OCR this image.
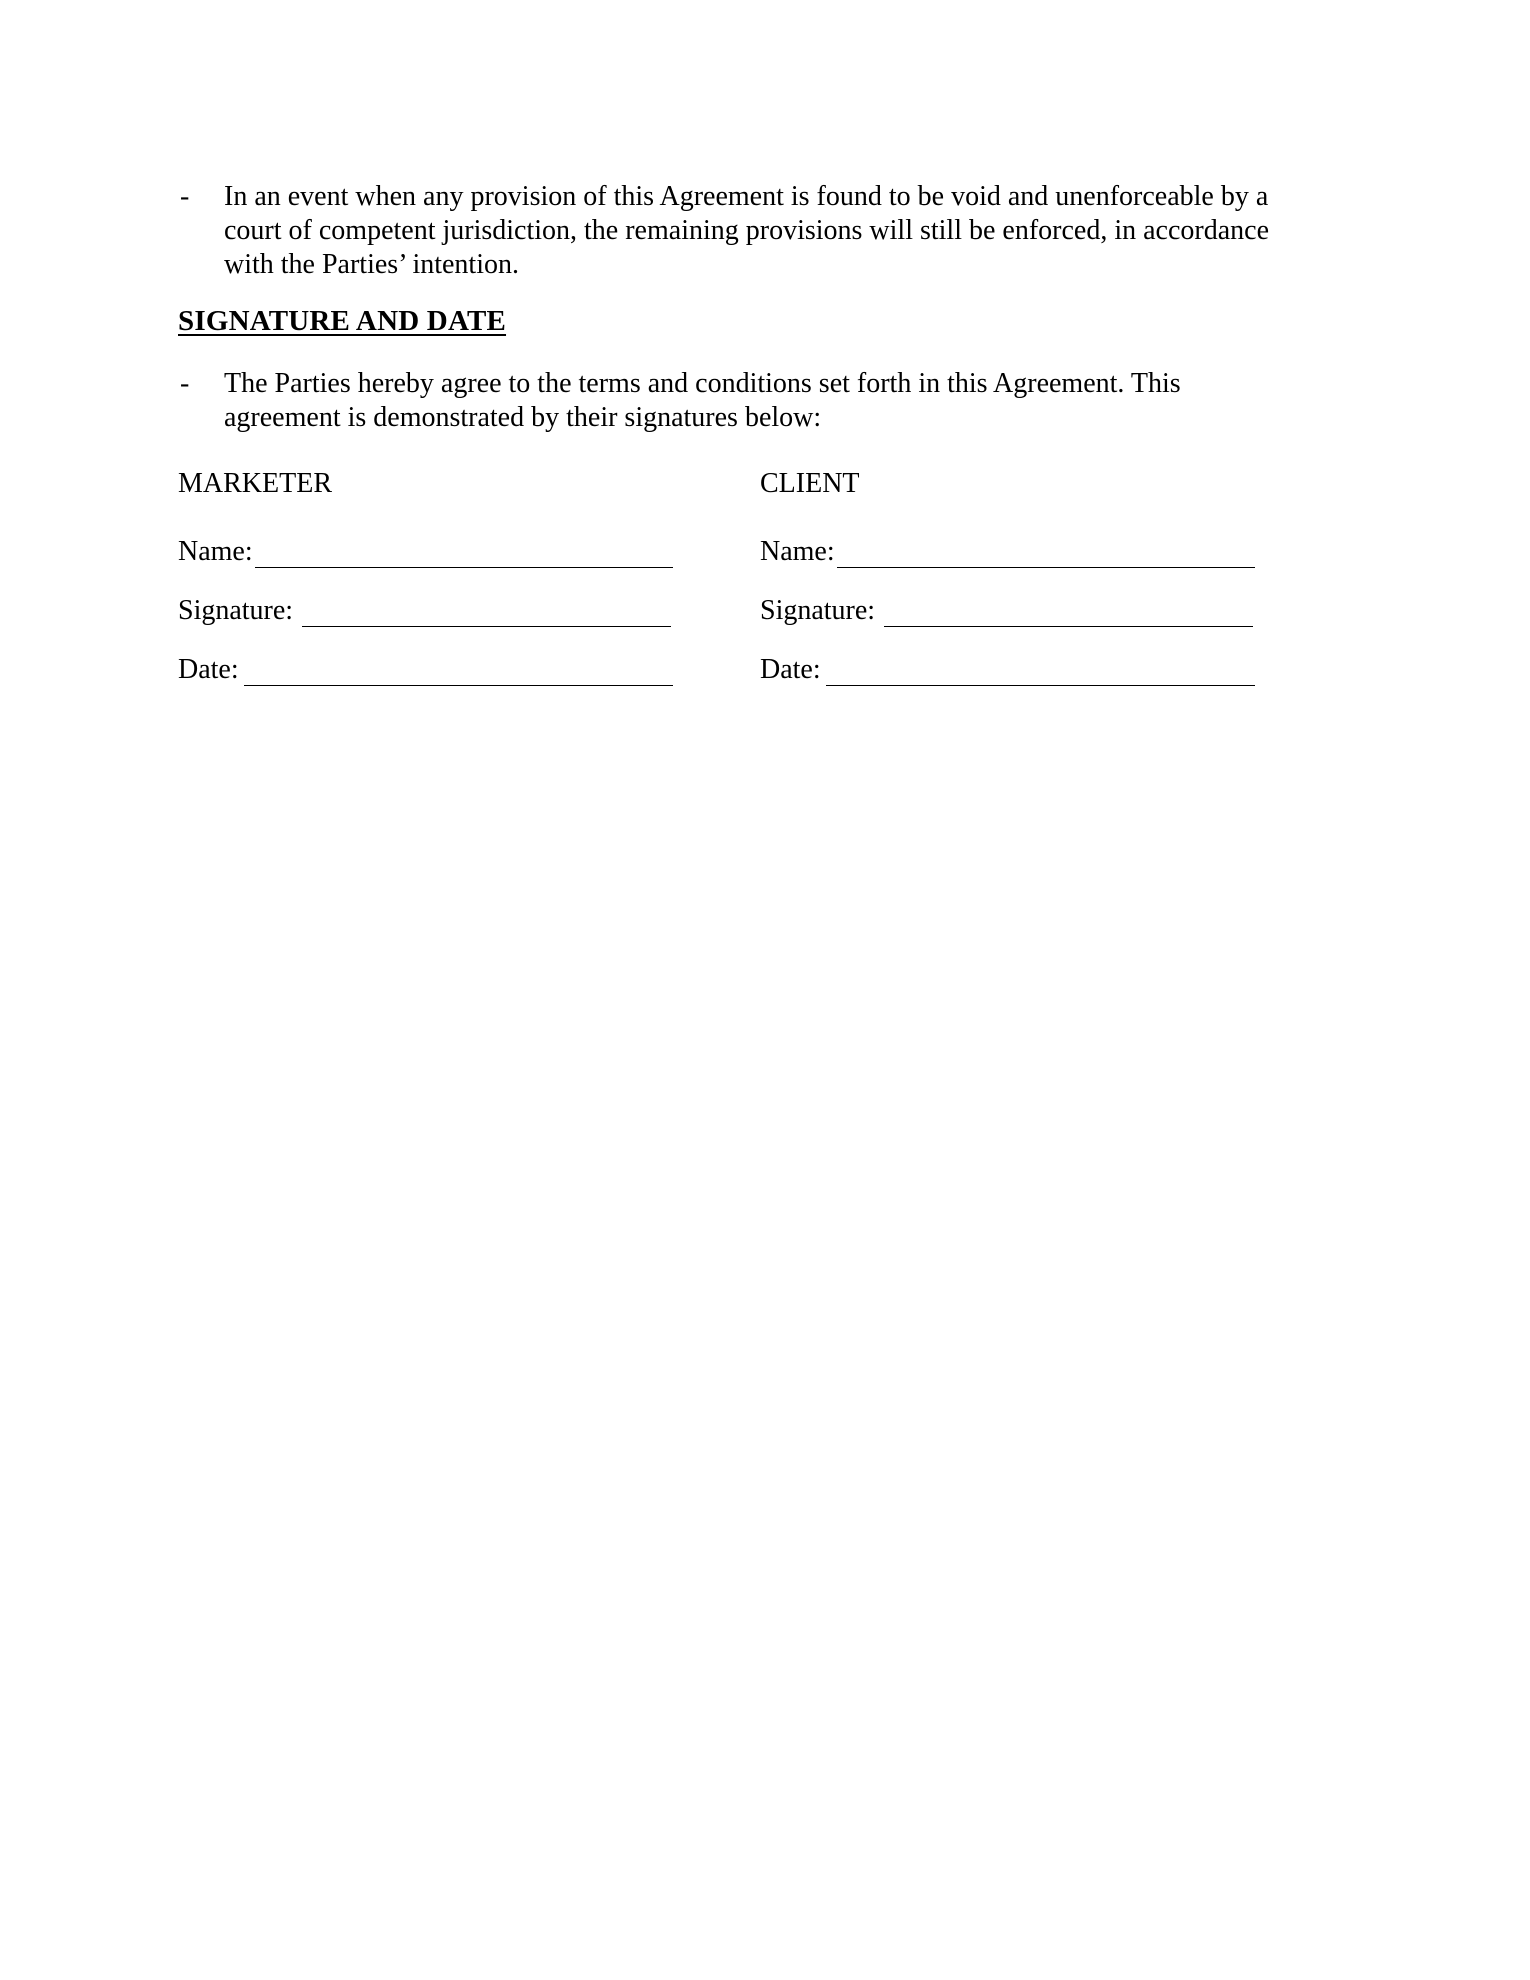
- In an event when any provision of this Agreement is found to be void and unenforceable by a
court of competent jurisdiction, the remaining provisions will still be enforced, in accordance
with the Parties’ intention.
SIGNATURE AND DATE
- The Parties hereby agree to the terms and conditions set forth in this Agreement. This
agreement is demonstrated by their signatures below:
MARKETER	CLIENT
Name:
Signature:
Date:
Name:
Signature:
Date:
